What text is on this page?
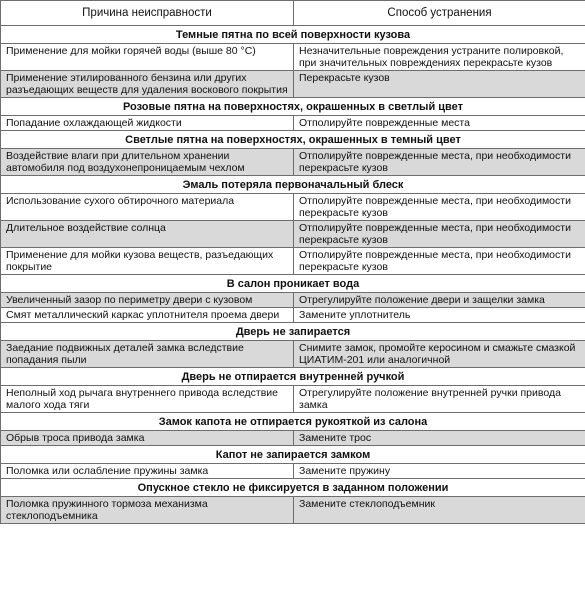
Причина неисправности	Способ устранения
Темные пятна по всей поверхности кузова	
Применение для мойки горячей воды (выше 80 °C)	Незначительные повреждения устраните полировкой, при значительных повреждениях перекрасьте кузов
Применение этилированного бензина или других разъедающих веществ для удаления воскового покрытия	Перекрасьте кузов
Розовые пятна на поверхностях, окрашенных в светлый цвет	
Попадание охлаждающей жидкости	Отполируйте поврежденные места
Светлые пятна на поверхностях, окрашенных в темный цвет	
Воздействие влаги при длительном хранении автомобиля под воздухонепроницаемым чехлом	Отполируйте поврежденные места, при необходимости перекрасьте кузов
Эмаль потеряла первоначальный блеск	
Использование сухого обтирочного материала	Отполируйте поврежденные места, при необходимости перекрасьте кузов
Длительное воздействие солнца	Отполируйте поврежденные места, при необходимости перекрасьте кузов
Применение для мойки кузова веществ, разъедающих покрытие	Отполируйте поврежденные места, при необходимости перекрасьте кузов
В салон проникает вода	
Увеличенный зазор по периметру двери с кузовом	Отрегулируйте положение двери и защелки замка
Смят металлический каркас уплотнителя проема двери	Замените уплотнитель
Дверь не запирается	
Заедание подвижных деталей замка вследствие попадания пыли	Снимите замок, промойте керосином и смажьте смазкой ЦИАТИМ-201 или аналогичной
Дверь не отпирается внутренней ручкой	
Неполный ход рычага внутреннего привода вследствие малого хода тяги	Отрегулируйте положение внутренней ручки привода замка
Замок капота не отпирается рукояткой из салона	
Обрыв троса привода замка	Замените трос
Капот не запирается замком	
Поломка или ослабление пружины замка	Замените пружину
Опускное стекло не фиксируется в заданном положении	
Поломка пружинного тормоза механизма стеклоподъемника	Замените стеклоподъемник
